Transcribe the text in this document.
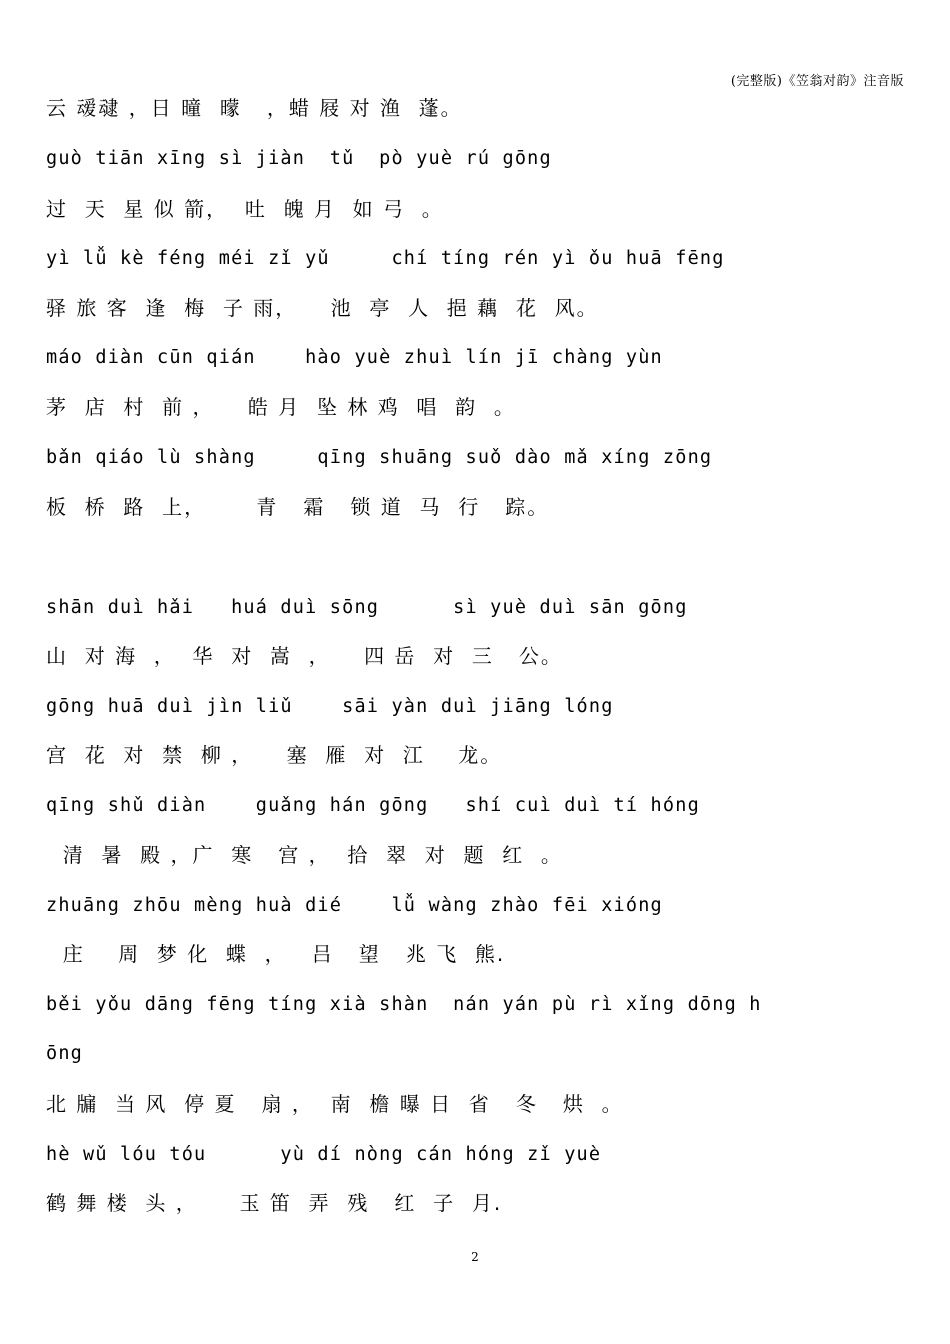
(完整版)《笠翁对韵》注音版
云 叆叇 ，日 曈  曚   ，蜡 屐 对 渔  蓬。
guò tiān xīng sì jiàn  tǔ  pò yuè rú gōng
过  天  星 似 箭，  吐  魄 月  如 弓  。
yì lǚ kè féng méi zǐ yǔ     chí tíng rén yì ǒu huā fēng
驿 旅 客  逢  梅  子 雨，    池  亭  人  挹 藕  花  风。
máo diàn cūn qián    hào yuè zhuì lín jī chàng yùn
茅  店  村  前 ，    皓 月  坠 林 鸡  唱  韵  。
bǎn qiáo lù shàng     qīng shuāng suǒ dào mǎ xíng zōng
板  桥  路  上，      青   霜   锁 道  马  行   踪。
shān duì hǎi   huá duì sōng      sì yuè duì sān gōng
山  对 海  ，  华  对  嵩  ，    四 岳  对  三   公。
gōng huā duì jìn liǔ    sāi yàn duì jiāng lóng
宫  花  对  禁  柳 ，    塞  雁  对  江    龙。
qīng shǔ diàn    guǎng hán gōng   shí cuì duì tí hóng
清  暑  殿 ，广  寒   宫 ，  拾  翠  对  题  红  。
zhuāng zhōu mèng huà dié    lǚ wàng zhào fēi xióng
庄    周  梦 化  蝶  ，   吕   望   兆 飞  熊.
běi yǒu dāng fēng tíng xià shàn  nán yán pù rì xǐng dōng h
ōng
北 牖  当 风  停 夏   扇 ，  南  檐 曝 日  省   冬   烘  。
hè wǔ lóu tóu      yù dí nòng cán hóng zǐ yuè
鹤 舞 楼  头 ，     玉 笛  弄  残   红  子  月.
2
